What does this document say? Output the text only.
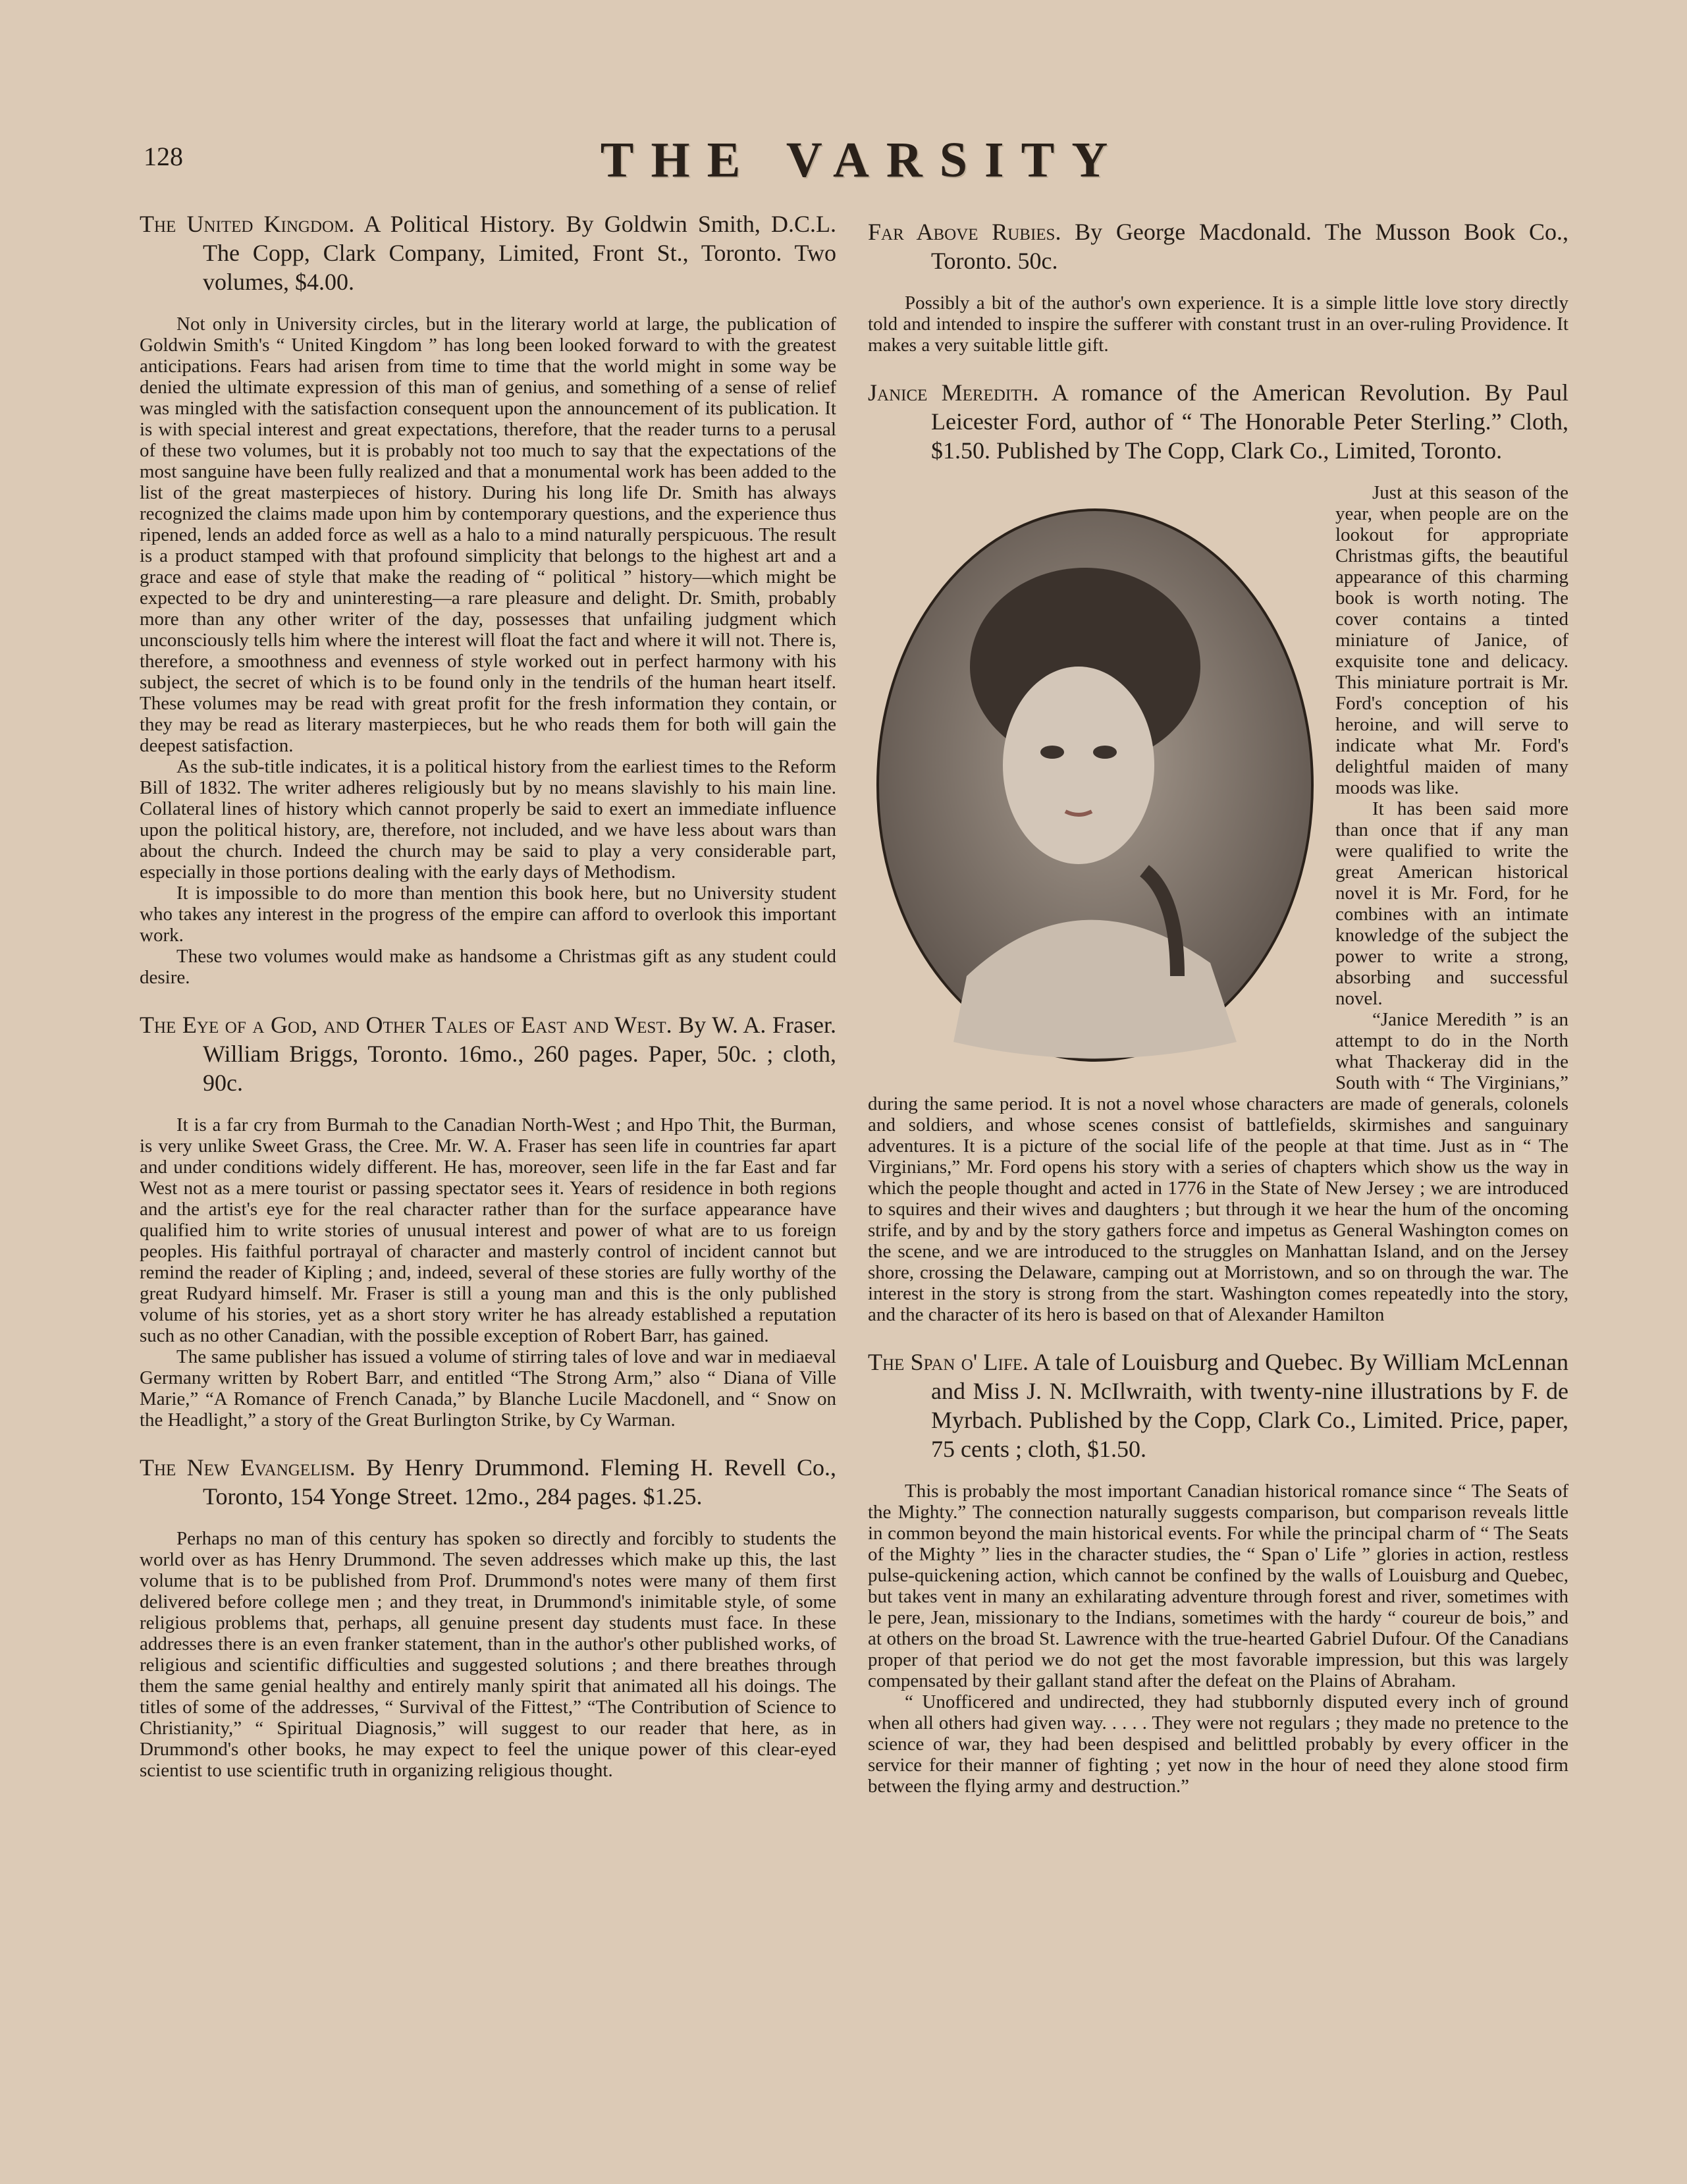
128	THE VARSITY
The United Kingdom. A Political History. By Goldwin Smith, D.C.L. The Copp, Clark Company, Limited, Front St., Toronto. Two volumes, $4.00.

Not only in University circles, but in the literary world at large, the publication of Goldwin Smith's “ United Kingdom ” has long been looked forward to with the greatest anticipations. Fears had arisen from time to time that the world might in some way be denied the ultimate expression of this man of genius, and something of a sense of relief was mingled with the satisfaction consequent upon the announcement of its publication. It is with special interest and great expectations, therefore, that the reader turns to a perusal of these two volumes, but it is probably not too much to say that the expectations of the most sanguine have been fully realized and that a monumental work has been added to the list of the great masterpieces of history. During his long life Dr. Smith has always recognized the claims made upon him by contemporary questions, and the experience thus ripened, lends an added force as well as a halo to a mind naturally perspicuous. The result is a product stamped with that profound simplicity that belongs to the highest art and a grace and ease of style that make the reading of “ political ” history—which might be expected to be dry and uninteresting—a rare pleasure and delight. Dr. Smith, probably more than any other writer of the day, possesses that unfailing judgment which unconsciously tells him where the interest will float the fact and where it will not. There is, therefore, a smoothness and evenness of style worked out in perfect harmony with his subject, the secret of which is to be found only in the tendrils of the human heart itself. These volumes may be read with great profit for the fresh information they contain, or they may be read as literary masterpieces, but he who reads them for both will gain the deepest satisfaction.

As the sub-title indicates, it is a political history from the earliest times to the Reform Bill of 1832. The writer adheres religiously but by no means slavishly to his main line. Collateral lines of history which cannot properly be said to exert an immediate influence upon the political history, are, therefore, not included, and we have less about wars than about the church. Indeed the church may be said to play a very considerable part, especially in those portions dealing with the early days of Methodism.

It is impossible to do more than mention this book here, but no University student who takes any interest in the progress of the empire can afford to overlook this important work.

These two volumes would make as handsome a Christmas gift as any student could desire.

The Eye of a God, and Other Tales of East and West. By W. A. Fraser. William Briggs, Toronto. 16mo., 260 pages. Paper, 50c. ; cloth, 90c.

It is a far cry from Burmah to the Canadian North-West ; and Hpo Thit, the Burman, is very unlike Sweet Grass, the Cree. Mr. W. A. Fraser has seen life in countries far apart and under conditions widely different. He has, moreover, seen life in the far East and far West not as a mere tourist or passing spectator sees it. Years of residence in both regions and the artist's eye for the real character rather than for the surface appearance have qualified him to write stories of unusual interest and power of what are to us foreign peoples. His faithful portrayal of character and masterly control of incident cannot but remind the reader of Kipling ; and, indeed, several of these stories are fully worthy of the great Rudyard himself. Mr. Fraser is still a young man and this is the only published volume of his stories, yet as a short story writer he has already established a reputation such as no other Canadian, with the possible exception of Robert Barr, has gained.

The same publisher has issued a volume of stirring tales of love and war in mediaeval Germany written by Robert Barr, and entitled “The Strong Arm,” also “ Diana of Ville Marie,” “A Romance of French Canada,” by Blanche Lucile Macdonell, and “ Snow on the Headlight,” a story of the Great Burlington Strike, by Cy Warman.

The New Evangelism. By Henry Drummond. Fleming H. Revell Co., Toronto, 154 Yonge Street. 12mo., 284 pages. $1.25.

Perhaps no man of this century has spoken so directly and forcibly to students the world over as has Henry Drummond. The seven addresses which make up this, the last volume that is to be published from Prof. Drummond's notes were many of them first delivered before college men ; and they treat, in Drummond's inimitable style, of some religious problems that, perhaps, all genuine present day students must face. In these addresses there is an even franker statement, than in the author's other published works, of religious and scientific difficulties and suggested solutions ; and there breathes through them the same genial healthy and entirely manly spirit that animated all his doings. The titles of some of the addresses, “ Survival of the Fittest,” “The Contribution of Science to Christianity,” “ Spiritual Diagnosis,” will suggest to our reader that here, as in Drummond's other books, he may expect to feel the unique power of this clear-eyed scientist to use scientific truth in organizing religious thought.

Far Above Rubies. By George Macdonald. The Musson Book Co., Toronto. 50c.

Possibly a bit of the author's own experience. It is a simple little love story directly told and intended to inspire the sufferer with constant trust in an over-ruling Providence. It makes a very suitable little gift.

Janice Meredith. A romance of the American Revolution. By Paul Leicester Ford, author of “ The Honorable Peter Sterling.” Cloth, $1.50. Published by The Copp, Clark Co., Limited, Toronto.

Just at this season of the year, when people are on the lookout for appropriate Christmas gifts, the beautiful appearance of this charming book is worth noting. The cover contains a tinted miniature of Janice, of exquisite tone and delicacy. This miniature portrait is Mr. Ford's conception of his heroine, and will serve to indicate what Mr. Ford's delightful maiden of many moods was like.

It has been said more than once that if any man were qualified to write the great American historical novel it is Mr. Ford, for he combines with an intimate knowledge of the subject the power to write a strong, absorbing and successful novel.

“Janice Meredith ” is an attempt to do in the North what Thackeray did in the South with “ The Virginians,” during the same period. It is not a novel whose characters are made of generals, colonels and soldiers, and whose scenes consist of battlefields, skirmishes and sanguinary adventures. It is a picture of the social life of the people at that time. Just as in “ The Virginians,” Mr. Ford opens his story with a series of chapters which show us the way in which the people thought and acted in 1776 in the State of New Jersey ; we are introduced to squires and their wives and daughters ; but through it we hear the hum of the oncoming strife, and by and by the story gathers force and impetus as General Washington comes on the scene, and we are introduced to the struggles on Manhattan Island, and on the Jersey shore, crossing the Delaware, camping out at Morristown, and so on through the war. The interest in the story is strong from the start. Washington comes repeatedly into the story, and the character of its hero is based on that of Alexander Hamilton

The Span o' Life. A tale of Louisburg and Quebec. By William McLennan and Miss J. N. McIlwraith, with twenty-nine illustrations by F. de Myrbach. Published by the Copp, Clark Co., Limited. Price, paper, 75 cents ; cloth, $1.50.

This is probably the most important Canadian historical romance since “ The Seats of the Mighty.” The connection naturally suggests comparison, but comparison reveals little in common beyond the main historical events. For while the principal charm of “ The Seats of the Mighty ” lies in the character studies, the “ Span o' Life ” glories in action, restless pulse-quickening action, which cannot be confined by the walls of Louisburg and Quebec, but takes vent in many an exhilarating adventure through forest and river, sometimes with le pere, Jean, missionary to the Indians, sometimes with the hardy “ coureur de bois,” and at others on the broad St. Lawrence with the true-hearted Gabriel Dufour. Of the Canadians proper of that period we do not get the most favorable impression, but this was largely compensated by their gallant stand after the defeat on the Plains of Abraham.

“ Unofficered and undirected, they had stubbornly disputed every inch of ground when all others had given way. . . . . They were not regulars ; they made no pretence to the science of war, they had been despised and belittled probably by every officer in the service for their manner of fighting ; yet now in the hour of need they alone stood firm between the flying army and destruction.”
